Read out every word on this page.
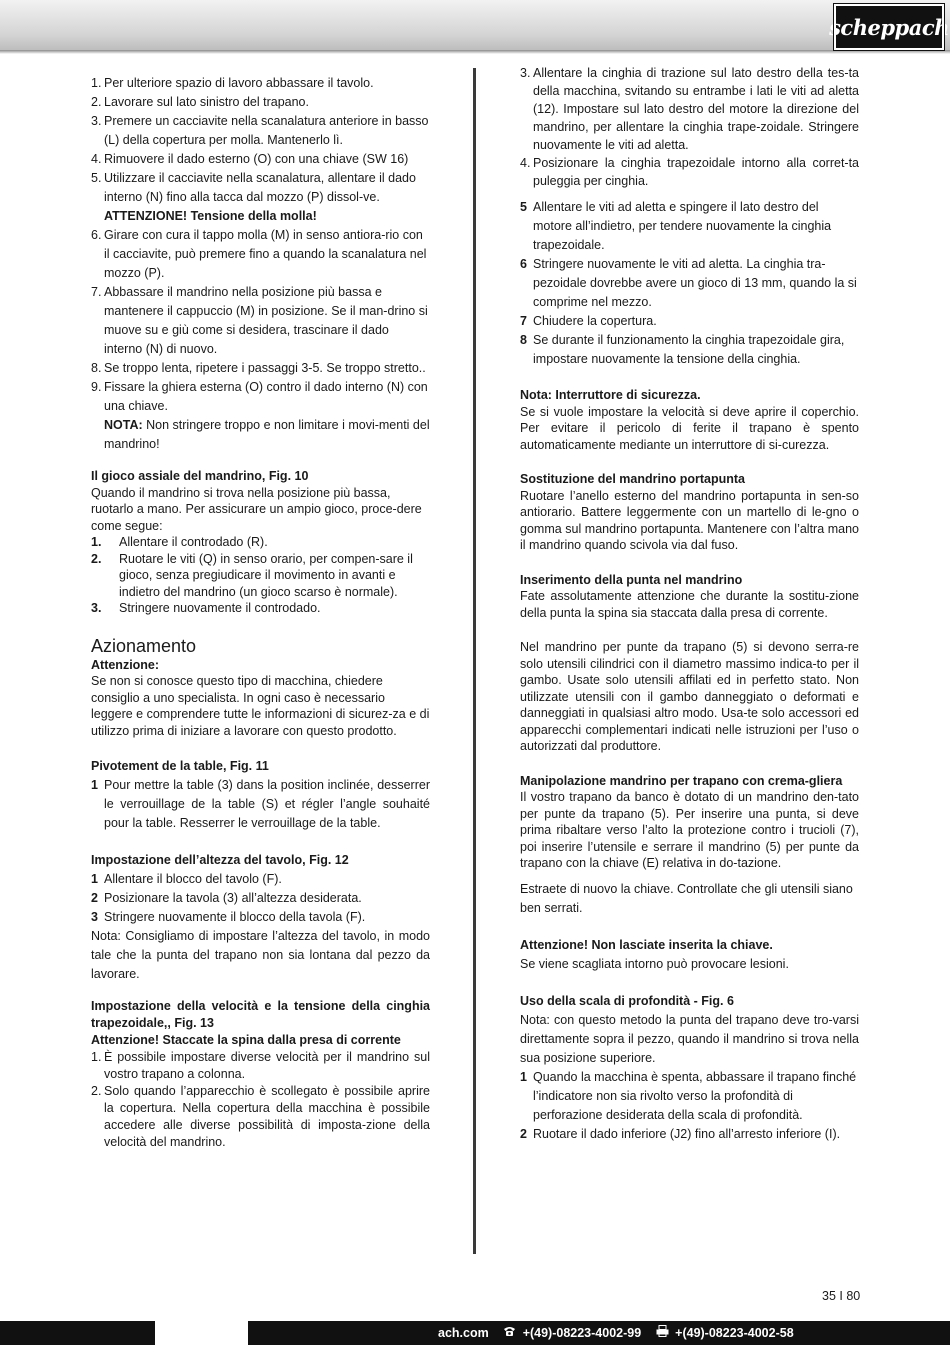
scheppach
1. Per ulteriore spazio di lavoro abbassare il tavolo.
2. Lavorare sul lato sinistro del trapano.
3. Premere un cacciavite nella scanalatura anteriore in basso (L) della copertura per molla. Mantenerlo lì.
4. Rimuovere il dado esterno (O) con una chiave (SW 16)
5. Utilizzare il cacciavite nella scanalatura, allentare il dado interno (N) fino alla tacca dal mozzo (P) dissol-ve. ATTENZIONE! Tensione della molla!
6. Girare con cura il tappo molla (M) in senso antiora-rio con il cacciavite, può premere fino a quando la scanalatura nel mozzo (P).
7. Abbassare il mandrino nella posizione più bassa e mantenere il cappuccio (M) in posizione. Se il man-drino si muove su e giù come si desidera, trascinare il dado interno (N) di nuovo.
8. Se troppo lenta, ripetere i passaggi 3-5. Se troppo stretto..
9. Fissare la ghiera esterna (O) contro il dado interno (N) con una chiave.
NOTA: Non stringere troppo e non limitare i movi-menti del mandrino!

Il gioco assiale del mandrino, Fig. 10

Quando il mandrino si trova nella posizione più bassa, ruotarlo a mano. Per assicurare un ampio gioco, proce-dere come segue:

1. Allentare il controdado (R).
2. Ruotare le viti (Q) in senso orario, per compen-sare il gioco, senza pregiudicare il movimento in avanti e indietro del mandrino (un gioco scarso è normale).
3. Stringere nuovamente il controdado.

Azionamento

Attenzione:

Se non si conosce questo tipo di macchina, chiedere consiglio a uno specialista. In ogni caso è necessario leggere e comprendere tutte le informazioni di sicurez-za e di utilizzo prima di iniziare a lavorare con questo prodotto.

Pivotement de la table, Fig. 11

1 Pour mettre la table (3) dans la position inclinée, desserrer le verrouillage de la table (S) et régler l’angle souhaité pour la table. Resserrer le verrouillage de la table.

Impostazione dell’altezza del tavolo, Fig. 12

1 Allentare il blocco del tavolo (F).
2 Posizionare la tavola (3) all’altezza desiderata.
3 Stringere nuovamente il blocco della tavola (F).

Nota: Consigliamo di impostare l’altezza del tavolo, in modo tale che la punta del trapano non sia lontana dal pezzo da lavorare.

Impostazione della velocità e la tensione della cinghia trapezoidale,, Fig. 13

Attenzione! Staccate la spina dalla presa di corrente

1. È possibile impostare diverse velocità per il mandrino sul vostro trapano a colonna.
2. Solo quando l’apparecchio è scollegato è possibile aprire la copertura. Nella copertura della macchina è possibile accedere alle diverse possibilità di imposta-zione della velocità del mandrino.
3. Allentare la cinghia di trazione sul lato destro della tes-ta della macchina, svitando su entrambe i lati le viti ad aletta (12). Impostare sul lato destro del motore la direzione del mandrino, per allentare la cinghia trape-zoidale. Stringere nuovamente le viti ad aletta.
4. Posizionare la cinghia trapezoidale intorno alla corret-ta puleggia per cinghia.
5 Allentare le viti ad aletta e spingere il lato destro del motore all’indietro, per tendere nuovamente la cinghia trapezoidale.
6 Stringere nuovamente le viti ad aletta. La cinghia tra-pezoidale dovrebbe avere un gioco di 13 mm, quando la si comprime nel mezzo.
7 Chiudere la copertura.
8 Se durante il funzionamento la cinghia trapezoidale gira, impostare nuovamente la tensione della cinghia.

Nota: Interruttore di sicurezza.

Se si vuole impostare la velocità si deve aprire il coperchio. Per evitare il pericolo di ferite il trapano è spento automaticamente mediante un interruttore di si-curezza.

Sostituzione del mandrino portapunta

Ruotare l’anello esterno del mandrino portapunta in sen-so antiorario. Battere leggermente con un martello di le-gno o gomma sul mandrino portapunta. Mantenere con l’altra mano il mandrino quando scivola via dal fuso.

Inserimento della punta nel mandrino

Fate assolutamente attenzione che durante la sostitu-zione della punta la spina sia staccata dalla presa di corrente.

Nel mandrino per punte da trapano (5) si devono serra-re solo utensili cilindrici con il diametro massimo indica-to per il gambo. Usate solo utensili affilati ed in perfetto stato. Non utilizzate utensili con il gambo danneggiato o deformati e danneggiati in qualsiasi altro modo. Usa-te solo accessori ed apparecchi complementari indicati nelle istruzioni per l’uso o autorizzati dal produttore.

Manipolazione mandrino per trapano con crema-gliera

Il vostro trapano da banco è dotato di un mandrino den-tato per punte da trapano (5). Per inserire una punta, si deve prima ribaltare verso l’alto la protezione contro i trucioli (7), poi inserire l’utensile e serrare il mandrino (5) per punte da trapano con la chiave (E) relativa in do-tazione.

Estraete di nuovo la chiave. Controllate che gli utensili siano ben serrati.

Attenzione! Non lasciate inserita la chiave.

Se viene scagliata intorno può provocare lesioni.

Uso della scala di profondità - Fig. 6

Nota: con questo metodo la punta del trapano deve tro-varsi direttamente sopra il pezzo, quando il mandrino si trova nella sua posizione superiore.

1 Quando la macchina è spenta, abbassare il trapano finché l’indicatore non sia rivolto verso la profondità di perforazione desiderata della scala di profondità.
2 Ruotare il dado inferiore (J2) fino all’arresto inferiore (I).
35 I 80
ach.com	+(49)-08223-4002-99	+(49)-08223-4002-58
